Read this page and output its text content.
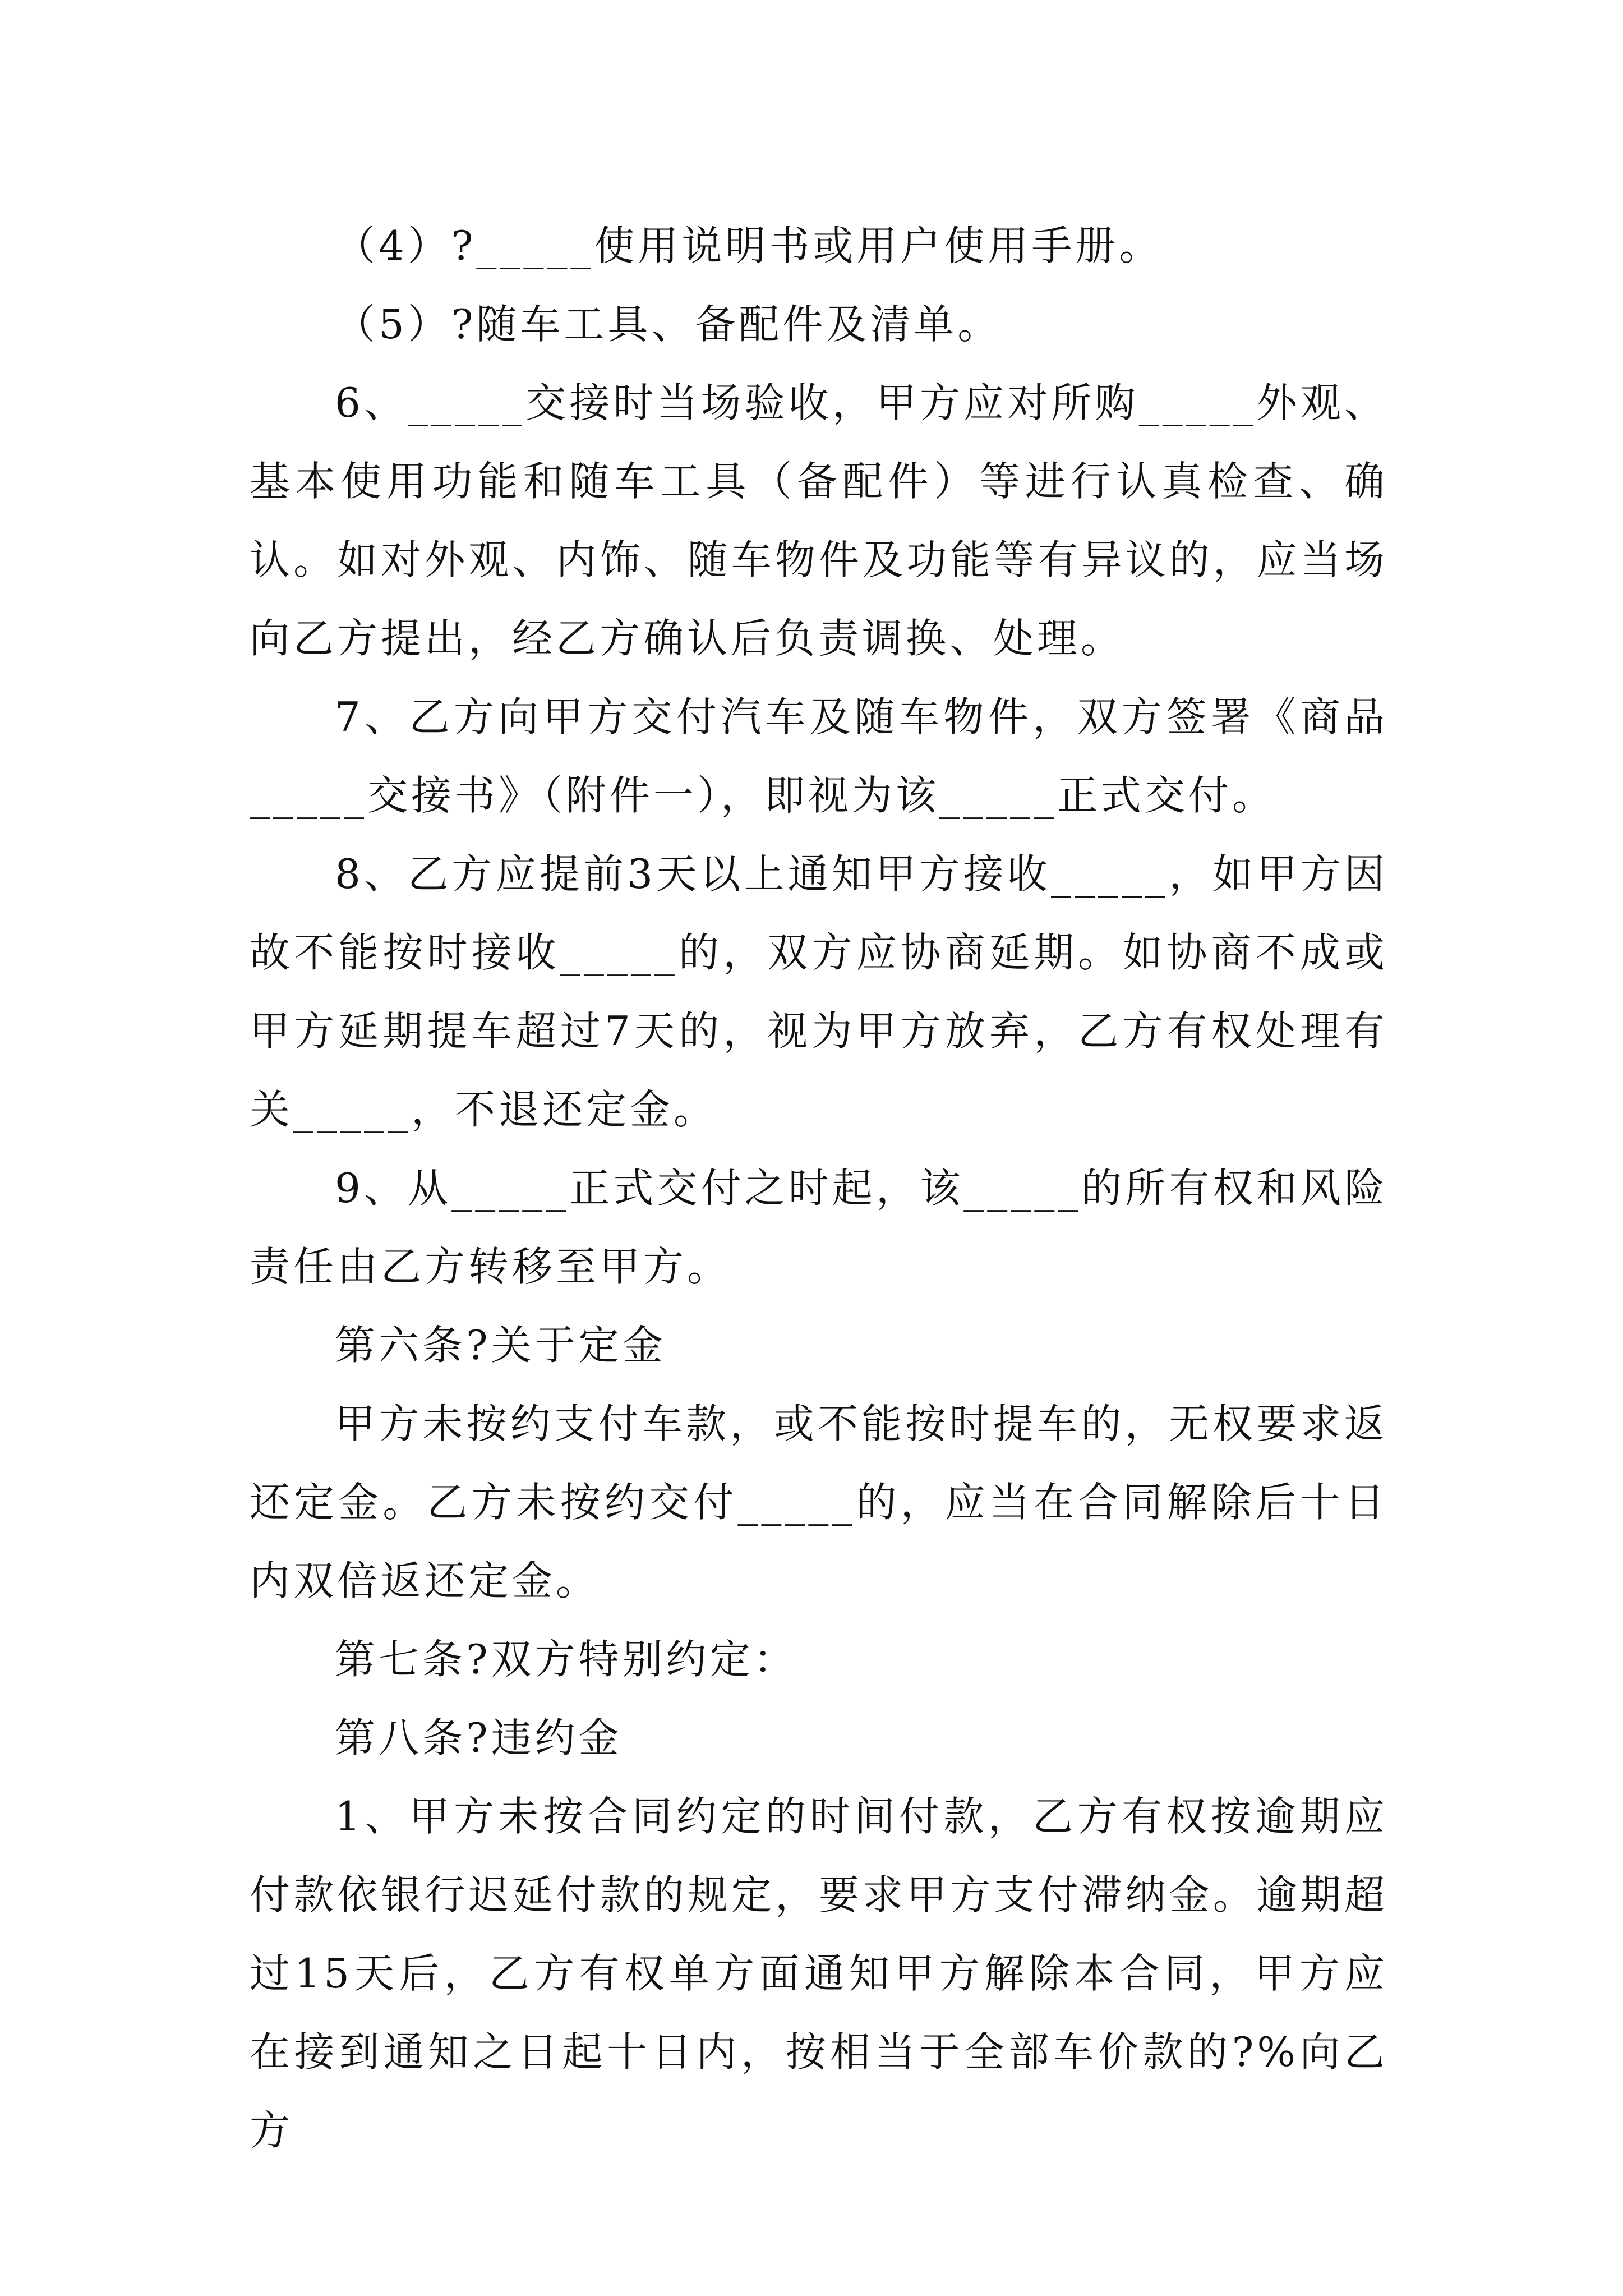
（4）?_____使用说明书或用户使用手册。

（5）?随车工具、备配件及清单。

6、_____交接时当场验收，甲方应对所购_____外观、基本使用功能和随车工具（备配件）等进行认真检查、确认。如对外观、内饰、随车物件及功能等有异议的，应当场向乙方提出，经乙方确认后负责调换、处理。

7、乙方向甲方交付汽车及随车物件，双方签署《商品_____交接书》（附件一），即视为该_____正式交付。

8、乙方应提前3天以上通知甲方接收_____，如甲方因故不能按时接收_____的，双方应协商延期。如协商不成或甲方延期提车超过7天的，视为甲方放弃，乙方有权处理有关_____，不退还定金。

9、从_____正式交付之时起，该_____的所有权和风险责任由乙方转移至甲方。

第六条?关于定金

甲方未按约支付车款，或不能按时提车的，无权要求返还定金。乙方未按约交付_____的，应当在合同解除后十日内双倍返还定金。

第七条?双方特别约定：

第八条?违约金

1、甲方未按合同约定的时间付款，乙方有权按逾期应付款依银行迟延付款的规定，要求甲方支付滞纳金。逾期超过15天后，乙方有权单方面通知甲方解除本合同，甲方应在接到通知之日起十日内，按相当于全部车价款的?%向乙方
